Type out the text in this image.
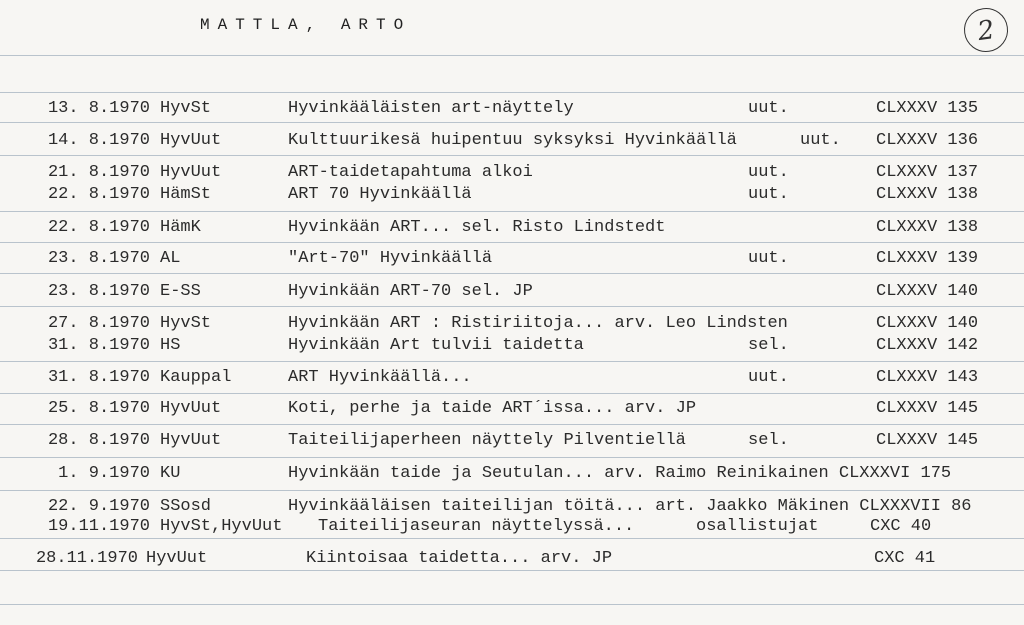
MATTLA, ARTO	2
13. 8.1970 HyvSt	Hyvinkääläisten art-näyttely	uut.	CLXXXV 135
14. 8.1970 HyvUut	Kulttuurikesä huipentuu syksyksi Hyvinkäällä	uut. CLXXXV 136
21. 8.1970 HyvUut	ART-taidetapahtuma alkoi	uut.	CLXXXV 137
22. 8.1970 HämSt	ART 70 Hyvinkäällä	uut.	CLXXXV 138
22. 8.1970 HämK	Hyvinkään ART... sel. Risto Lindstedt	CLXXXV 138
23. 8.1970 AL	"Art-70" Hyvinkäällä	uut.	CLXXXV 139
23. 8.1970 E-SS	Hyvinkään ART-70 sel. JP	CLXXXV 140
27. 8.1970 HyvSt	Hyvinkään ART : Ristiriitoja... arv. Leo Lindsten	CLXXXV 140
31. 8.1970 HS	Hyvinkään Art tulvii taidetta	sel.	CLXXXV 142
31. 8.1970 Kauppal	ART Hyvinkäällä...	uut.	CLXXXV 143
25. 8.1970 HyvUut	Koti, perhe ja taide ART´issa... arv. JP	CLXXXV 145
28. 8.1970 HyvUut	Taiteilijaperheen näyttely Pilventiellä	sel.	CLXXXV 145
1. 9.1970 KU	Hyvinkään taide ja Seutulan... arv. Raimo Reinikainen CLXXXVI 175
22. 9.1970 SSosd	Hyvinkääläisen taiteilijan töitä... art. Jaakko Mäkinen CLXXXVII 86
19.11.1970 HyvSt,HyvUut Taiteilijaseuran näyttelyssä...	osallistujat	CXC 40
28.11.1970 HyvUut	Kiintoisaa taidetta... arv. JP	CXC 41
